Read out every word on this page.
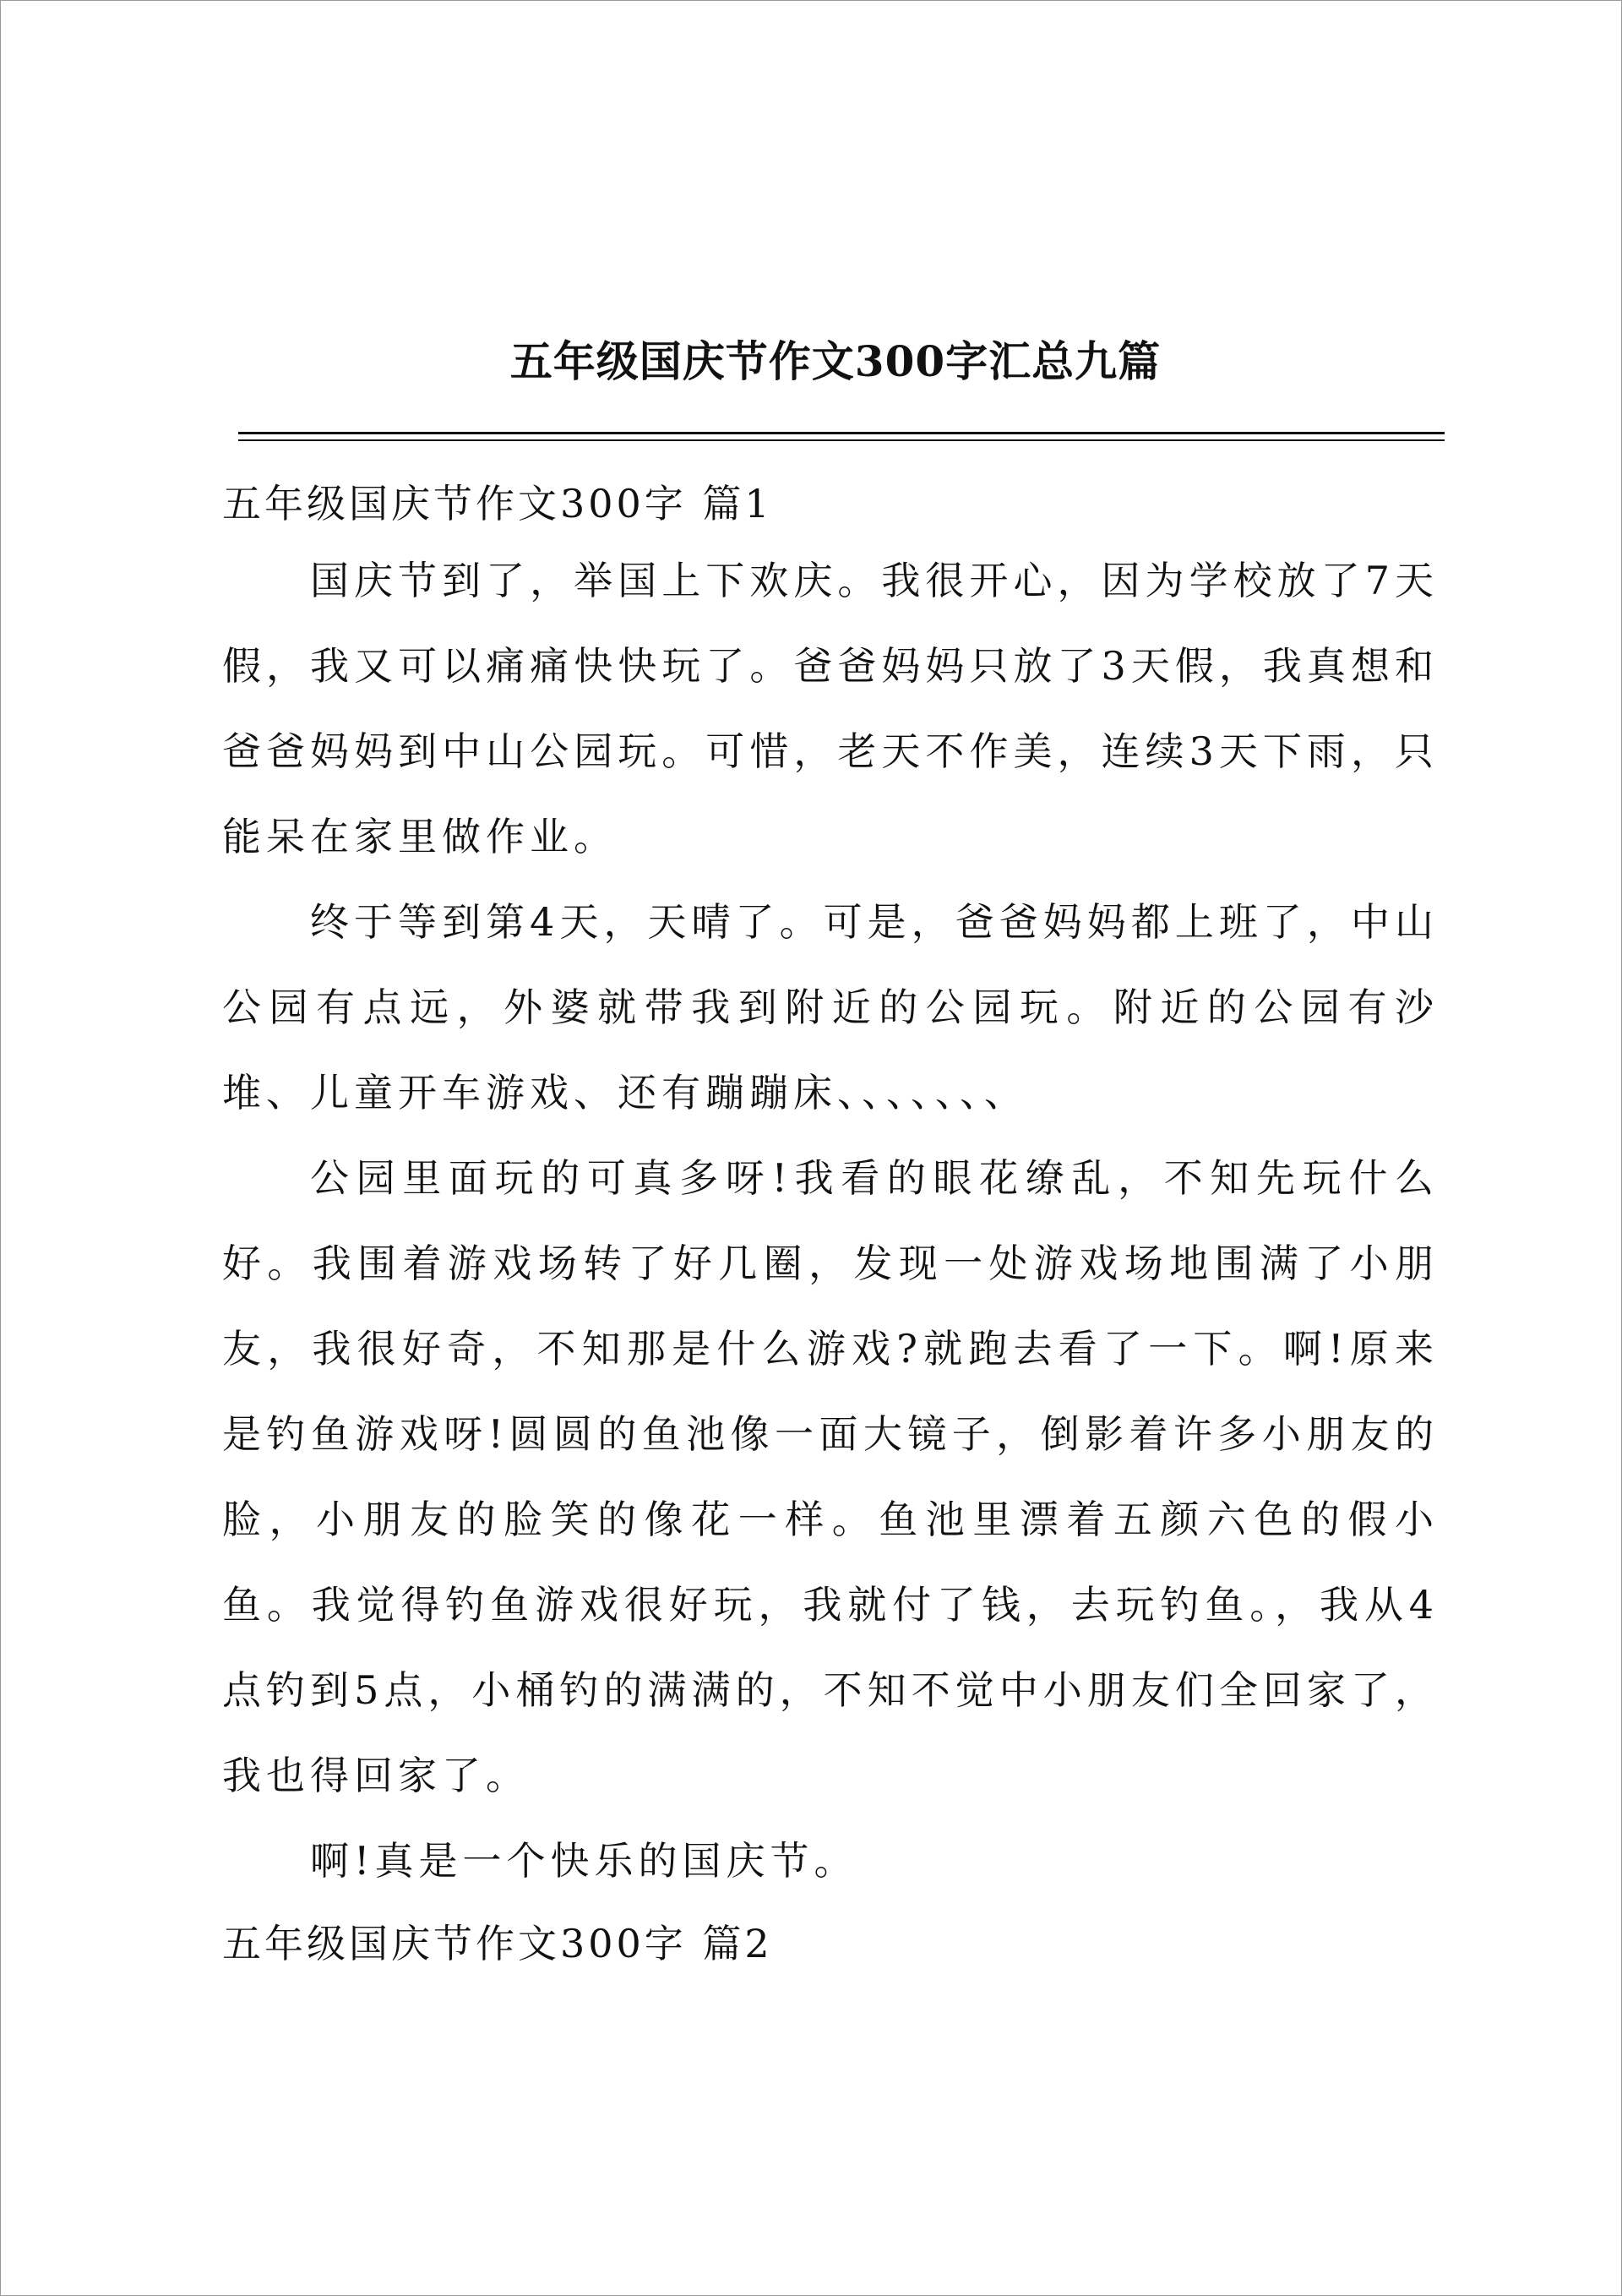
五年级国庆节作文300字汇总九篇
五年级国庆节作文300字 篇1

国庆节到了，举国上下欢庆。我很开心，因为学校放了7天假，我又可以痛痛快快玩了。爸爸妈妈只放了3天假，我真想和爸爸妈妈到中山公园玩。可惜，老天不作美，连续3天下雨，只能呆在家里做作业。

终于等到第4天，天晴了。可是，爸爸妈妈都上班了，中山公园有点远，外婆就带我到附近的公园玩。附近的公园有沙堆、儿童开车游戏、还有蹦蹦床、、、、、、、

公园里面玩的可真多呀!我看的眼花缭乱，不知先玩什么好。我围着游戏场转了好几圈，发现一处游戏场地围满了小朋友，我很好奇，不知那是什么游戏?就跑去看了一下。啊!原来是钓鱼游戏呀!圆圆的鱼池像一面大镜子，倒影着许多小朋友的脸，小朋友的脸笑的像花一样。鱼池里漂着五颜六色的假小鱼。我觉得钓鱼游戏很好玩，我就付了钱，去玩钓鱼。，我从4点钓到5点，小桶钓的满满的，不知不觉中小朋友们全回家了，我也得回家了。

啊!真是一个快乐的国庆节。

五年级国庆节作文300字 篇2
